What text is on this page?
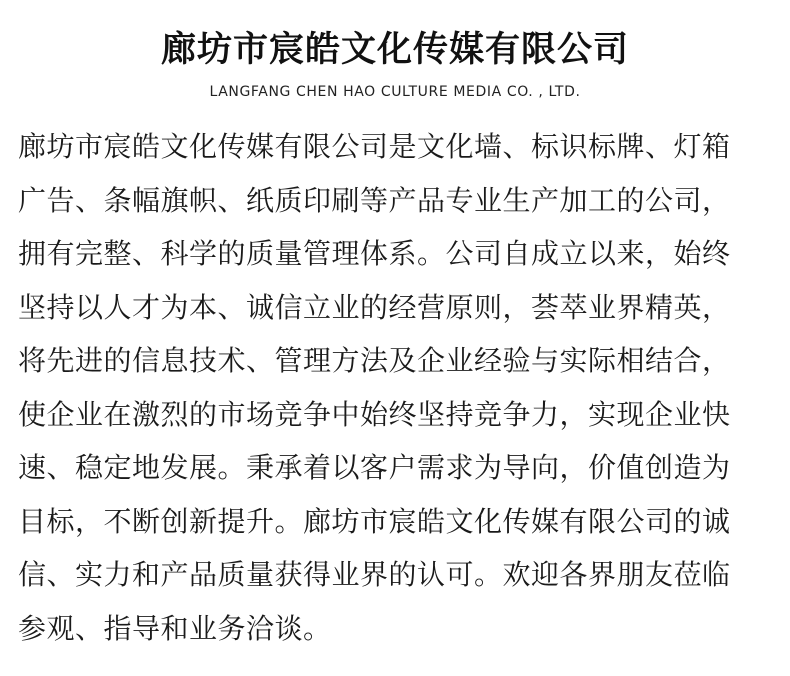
廊坊市宸皓文化传媒有限公司
LANGFANG CHEN HAO CULTURE MEDIA CO. , LTD.
廊坊市宸皓文化传媒有限公司是文化墙、标识标牌、灯箱
广告、条幅旗帜、纸质印刷等产品专业生产加工的公司，
拥有完整、科学的质量管理体系。公司自成立以来，始终
坚持以人才为本、诚信立业的经营原则，荟萃业界精英，
将先进的信息技术、管理方法及企业经验与实际相结合，
使企业在激烈的市场竞争中始终坚持竞争力，实现企业快
速、稳定地发展。秉承着以客户需求为导向，价值创造为
目标，不断创新提升。廊坊市宸皓文化传媒有限公司的诚
信、实力和产品质量获得业界的认可。欢迎各界朋友莅临
参观、指导和业务洽谈。
